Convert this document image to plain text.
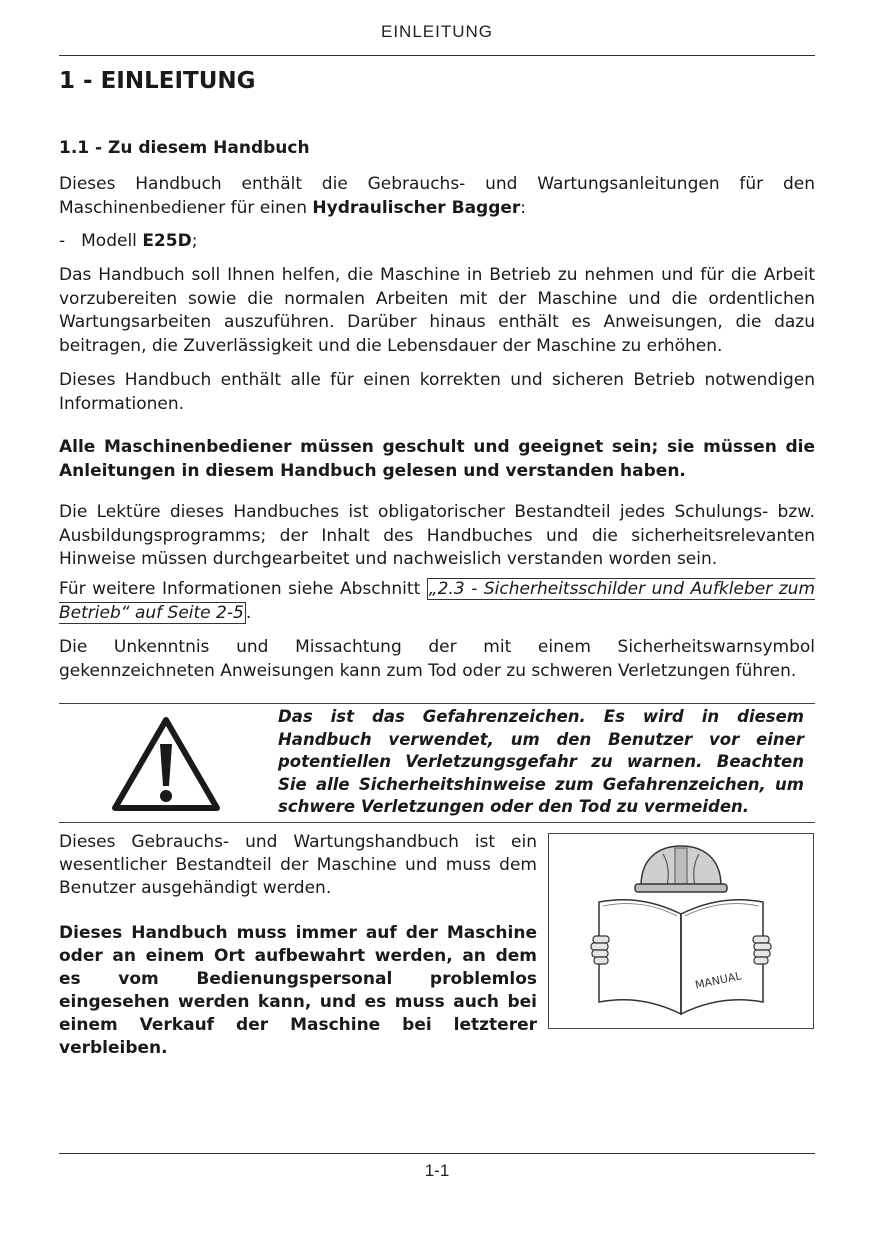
EINLEITUNG
1 - EINLEITUNG
1.1 - Zu diesem Handbuch

Dieses Handbuch enthält die Gebrauchs- und Wartungsanleitungen für den Maschinenbediener für einen Hydraulischer Bagger:

- Modell E25D;

Das Handbuch soll Ihnen helfen, die Maschine in Betrieb zu nehmen und für die Arbeit vorzubereiten sowie die normalen Arbeiten mit der Maschine und die ordentlichen Wartungsarbeiten auszuführen. Darüber hinaus enthält es Anweisungen, die dazu beitragen, die Zuverlässigkeit und die Lebensdauer der Maschine zu erhöhen.

Dieses Handbuch enthält alle für einen korrekten und sicheren Betrieb notwendigen Informationen.

Alle Maschinenbediener müssen geschult und geeignet sein; sie müssen die Anleitungen in diesem Handbuch gelesen und verstanden haben.

Die Lektüre dieses Handbuches ist obligatorischer Bestandteil jedes Schulungs- bzw. Ausbildungsprogramms; der Inhalt des Handbuches und die sicherheitsrelevanten Hinweise müssen durchgearbeitet und nachweislich verstanden worden sein.

Für weitere Informationen siehe Abschnitt „2.3 - Sicherheitsschilder und Aufkleber zum Betrieb“ auf Seite 2-5 .

Die Unkenntnis und Missachtung der mit einem Sicherheitswarnsymbol gekennzeichneten Anweisungen kann zum Tod oder zu schweren Verletzungen führen.

Das ist das Gefahrenzeichen. Es wird in diesem Handbuch verwendet, um den Benutzer vor einer potentiellen Verletzungsgefahr zu warnen. Beachten Sie alle Sicherheitshinweise zum Gefahrenzeichen, um schwere Verletzungen oder den Tod zu vermeiden.

Dieses Gebrauchs- und Wartungshandbuch ist ein wesentlicher Bestandteil der Maschine und muss dem Benutzer ausgehändigt werden.

Dieses Handbuch muss immer auf der Maschine oder an einem Ort aufbewahrt werden, an dem es vom Bedienungspersonal problemlos eingesehen werden kann, und es muss auch bei einem Verkauf der Maschine bei letzterer verbleiben.

MANUAL
1-1
